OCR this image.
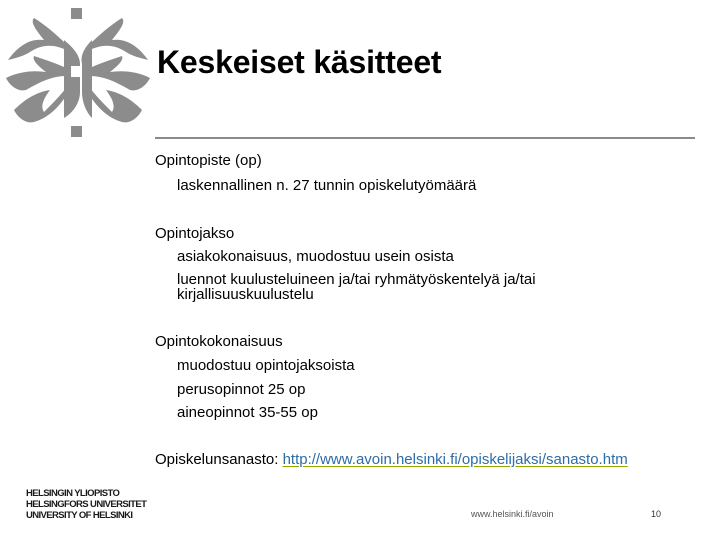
Keskeiset käsitteet
Opintopiste (op)
laskennallinen n. 27 tunnin opiskelutyömäärä
Opintojakso
asiakokonaisuus, muodostuu usein osista
luennot kuulusteluineen ja/tai ryhmätyöskentelyä ja/tai kirjallisuuskuulustelu
Opintokokonaisuus
muodostuu opintojaksoista
perusopinnot 25 op
aineopinnot 35-55 op
Opiskelunsanasto: http://www.avoin.helsinki.fi/opiskelijaksi/sanasto.htm
HELSINGIN YLIOPISTO
HELSINGFORS UNIVERSITET
UNIVERSITY OF HELSINKI	www.helsinki.fi/avoin	10
